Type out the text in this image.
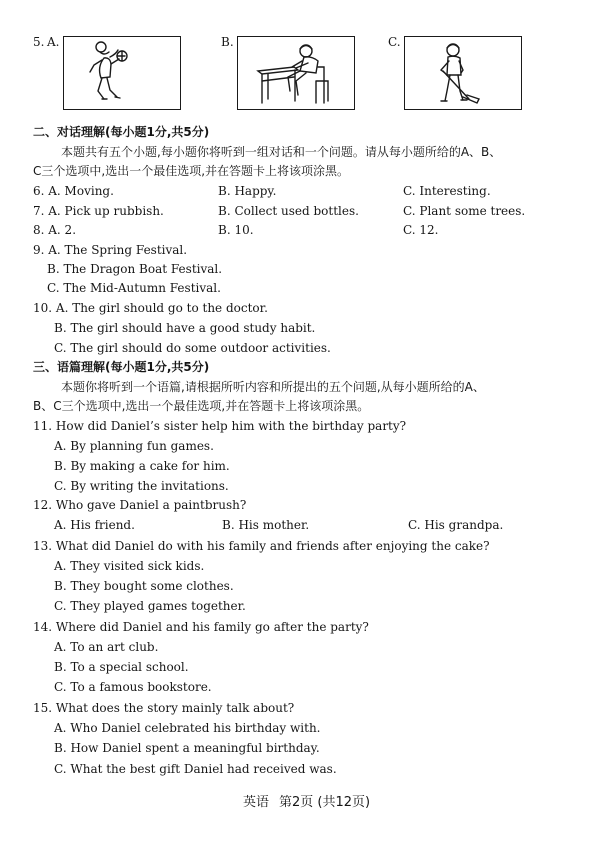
5. A.	B.	C.
二、对话理解(每小题1分,共5分)
本题共有五个小题,每小题你将听到一组对话和一个问题。请从每小题所给的A、B、
C三个选项中,选出一个最佳选项,并在答题卡上将该项涂黑。
6. A. Moving.	B. Happy.	C. Interesting.
7. A. Pick up rubbish.	B. Collect used bottles.	C. Plant some trees.
8. A. 2.	B. 10.	C. 12.
9. A. The Spring Festival.
B. The Dragon Boat Festival.
C. The Mid-Autumn Festival.
10. A. The girl should go to the doctor.
B. The girl should have a good study habit.
C. The girl should do some outdoor activities.
三、语篇理解(每小题1分,共5分)
本题你将听到一个语篇,请根据所听内容和所提出的五个问题,从每小题所给的A、
B、C三个选项中,选出一个最佳选项,并在答题卡上将该项涂黑。
11. How did Daniel’s sister help him with the birthday party?
A. By planning fun games.
B. By making a cake for him.
C. By writing the invitations.
12. Who gave Daniel a paintbrush?
A. His friend.	B. His mother.	C. His grandpa.
13. What did Daniel do with his family and friends after enjoying the cake?
A. They visited sick kids.
B. They bought some clothes.
C. They played games together.
14. Where did Daniel and his family go after the party?
A. To an art club.
B. To a special school.
C. To a famous bookstore.
15. What does the story mainly talk about?
A. Who Daniel celebrated his birthday with.
B. How Daniel spent a meaningful birthday.
C. What the best gift Daniel had received was.
英语 第2页 (共12页)
